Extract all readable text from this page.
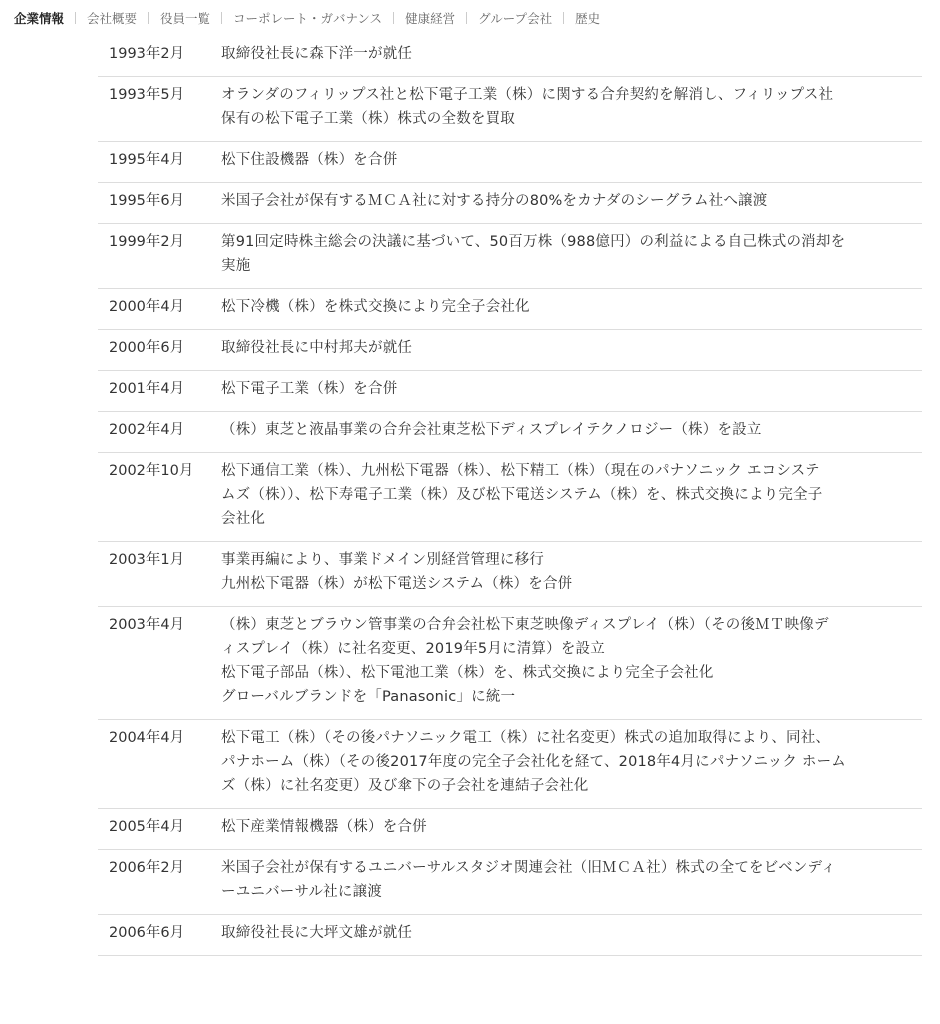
企業情報 会社概要 役員一覧 コーポレート・ガバナンス 健康経営 グループ会社 歴史
1993年2月	取締役社長に森下洋一が就任
1993年5月	オランダのフィリップス社と松下電子工業（株）に関する合弁契約を解消し、フィリップス社
保有の松下電子工業（株）株式の全数を買取
1995年4月	松下住設機器（株）を合併
1995年6月	米国子会社が保有するＭＣＡ社に対する持分の80%をカナダのシーグラム社へ譲渡
1999年2月	第91回定時株主総会の決議に基づいて、50百万株（988億円）の利益による自己株式の消却を
実施
2000年4月	松下冷機（株）を株式交換により完全子会社化
2000年6月	取締役社長に中村邦夫が就任
2001年4月	松下電子工業（株）を合併
2002年4月	（株）東芝と液晶事業の合弁会社東芝松下ディスプレイテクノロジー（株）を設立
2002年10月	松下通信工業（株）、九州松下電器（株）、松下精工（株）（現在のパナソニック エコシステ
ムズ（株））、松下寿電子工業（株）及び松下電送システム（株）を、株式交換により完全子
会社化
2003年1月	事業再編により、事業ドメイン別経営管理に移行
九州松下電器（株）が松下電送システム（株）を合併
2003年4月	（株）東芝とブラウン管事業の合弁会社松下東芝映像ディスプレイ（株）（その後ＭＴ映像デ
ィスプレイ（株）に社名変更、2019年5月に清算）を設立
松下電子部品（株）、松下電池工業（株）を、株式交換により完全子会社化
グローバルブランドを「Panasonic」に統一
2004年4月	松下電工（株）（その後パナソニック電工（株）に社名変更）株式の追加取得により、同社、
パナホーム（株）（その後2017年度の完全子会社化を経て、2018年4月にパナソニック ホーム
ズ（株）に社名変更）及び傘下の子会社を連結子会社化
2005年4月	松下産業情報機器（株）を合併
2006年2月	米国子会社が保有するユニバーサルスタジオ関連会社（旧ＭＣＡ社）株式の全てをビベンディ
ーユニバーサル社に譲渡
2006年6月	取締役社長に大坪文雄が就任
